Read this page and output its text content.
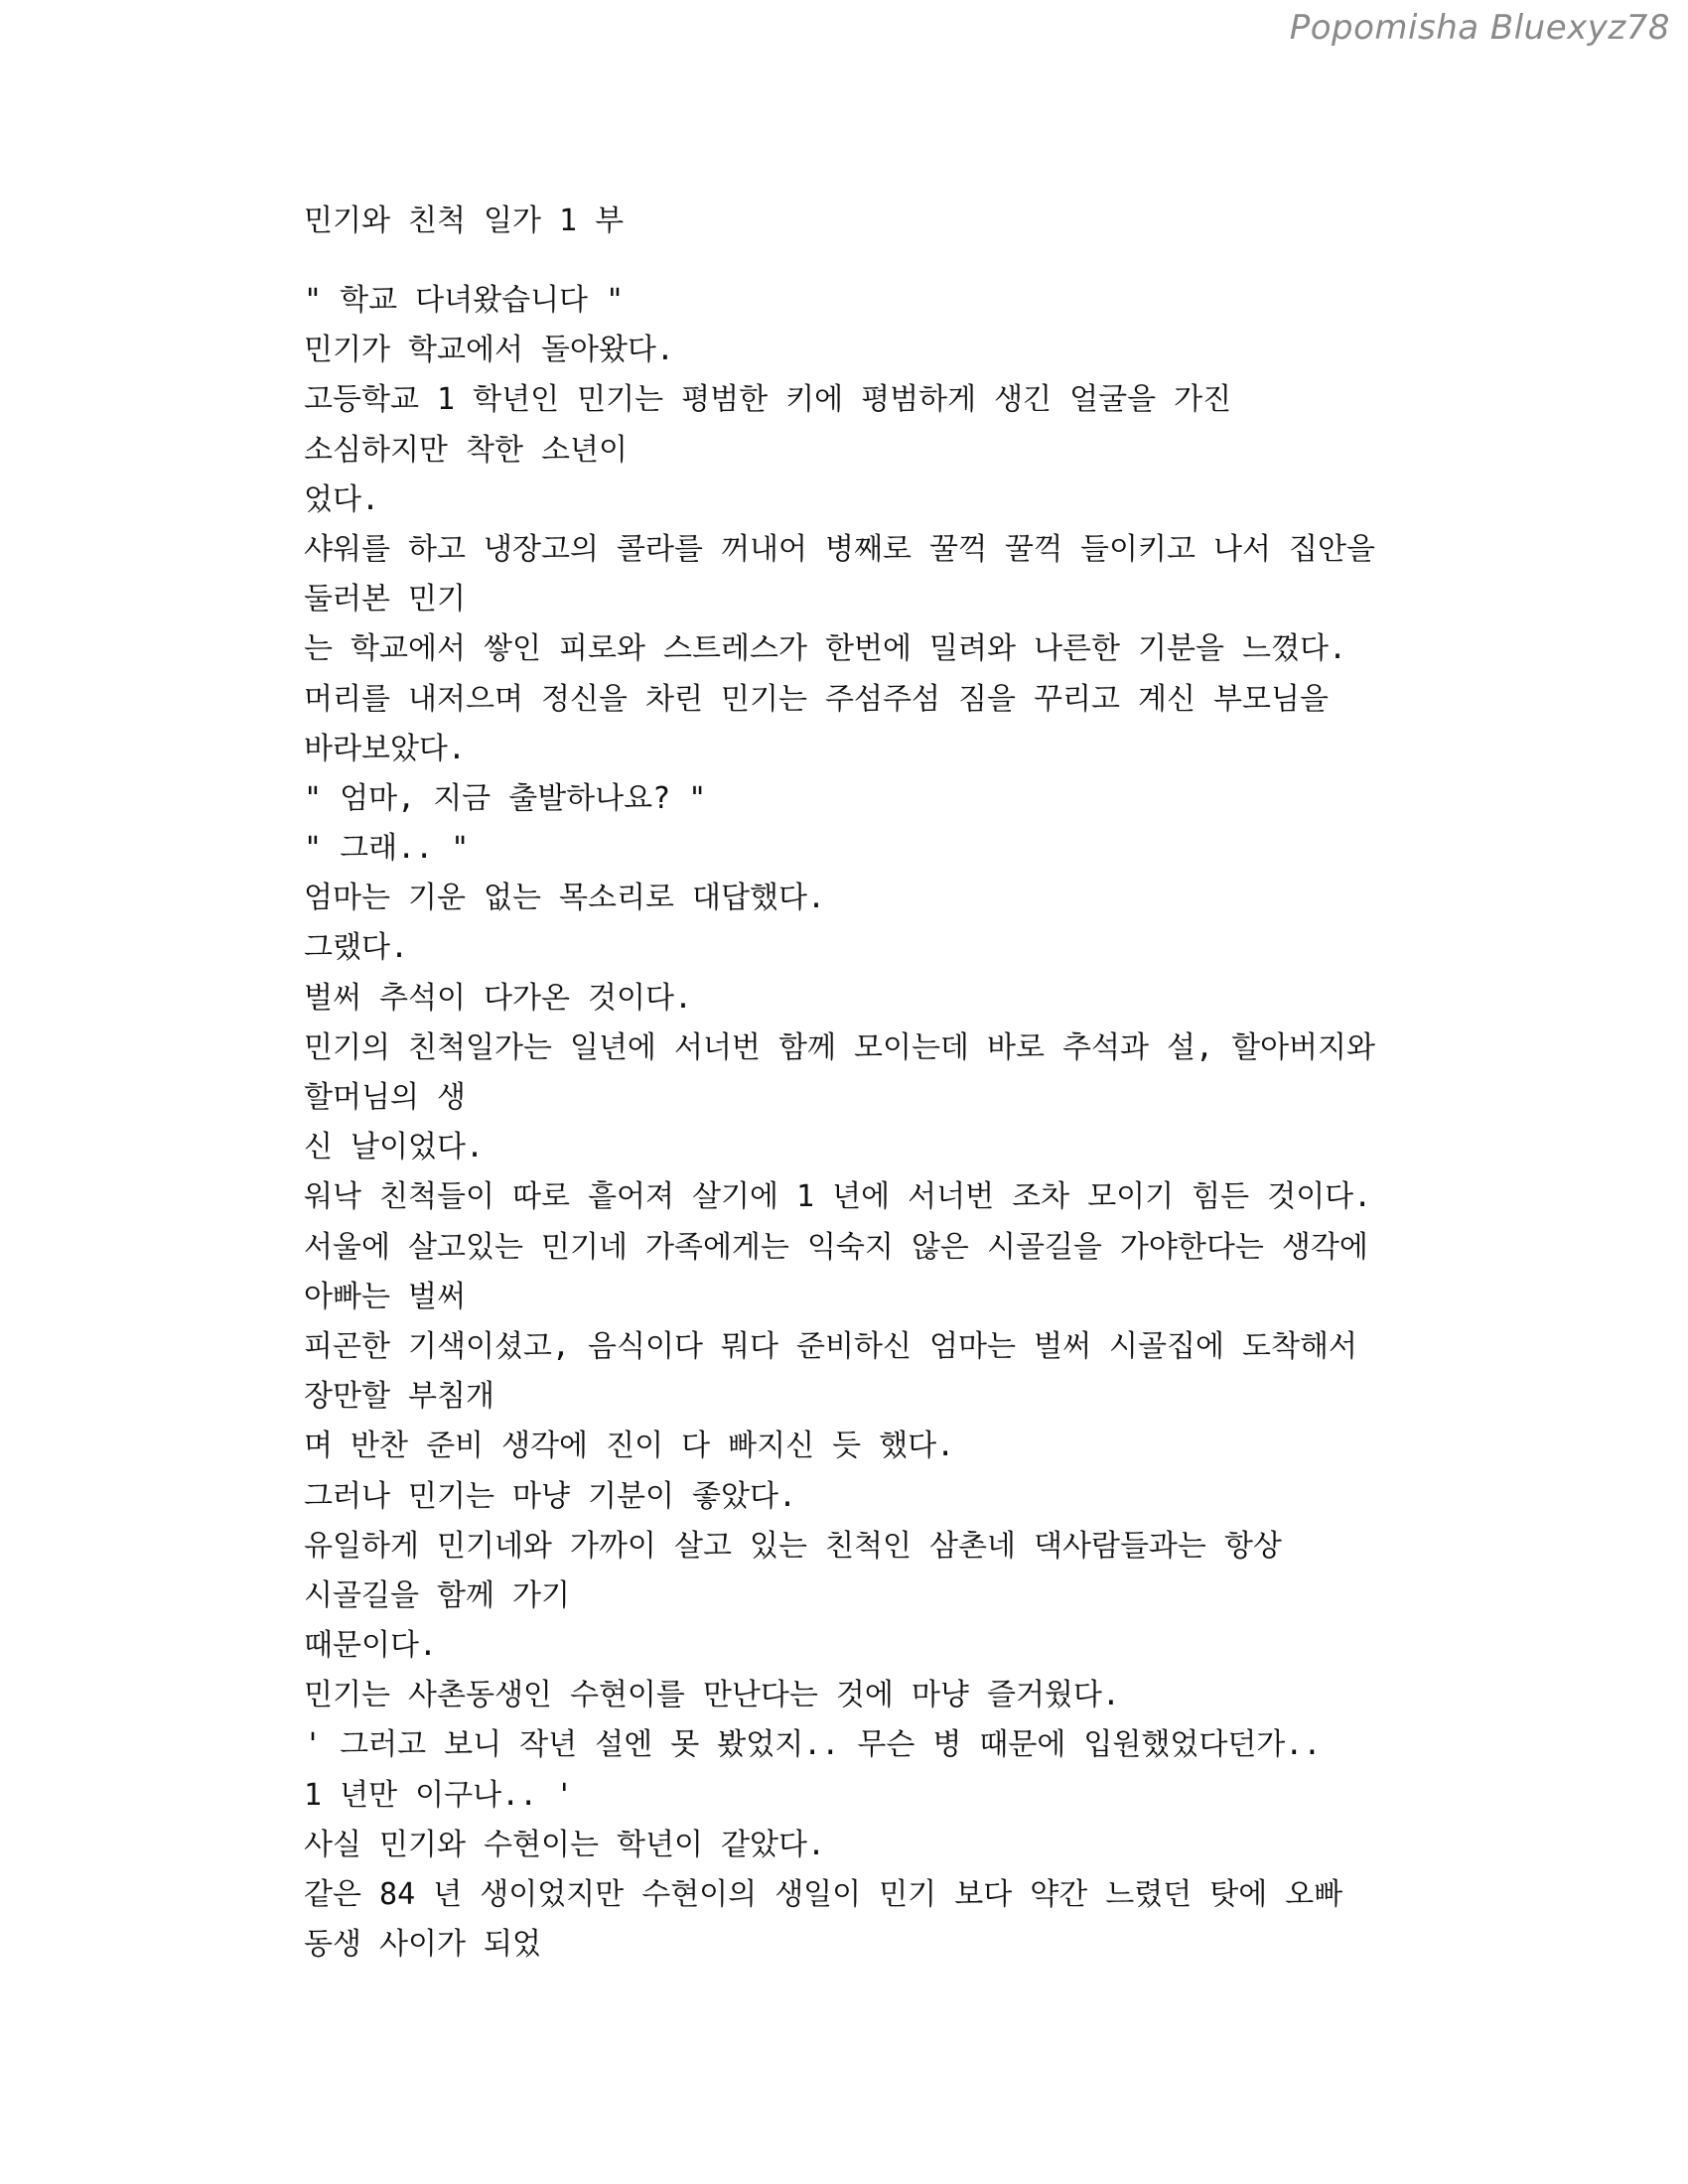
Popomisha Bluexyz78
민기와 친척 일가 1 부
" 학교 다녀왔습니다 "
민기가 학교에서 돌아왔다.
고등학교 1 학년인 민기는 평범한 키에 평범하게 생긴 얼굴을 가진
소심하지만 착한 소년이
었다.
샤워를 하고 냉장고의 콜라를 꺼내어 병째로 꿀꺽 꿀꺽 들이키고 나서 집안을
둘러본 민기
는 학교에서 쌓인 피로와 스트레스가 한번에 밀려와 나른한 기분을 느꼈다.
머리를 내저으며 정신을 차린 민기는 주섬주섬 짐을 꾸리고 계신 부모님을
바라보았다.
" 엄마, 지금 출발하나요? "
" 그래.. "
엄마는 기운 없는 목소리로 대답했다.
그랬다.
벌써 추석이 다가온 것이다.
민기의 친척일가는 일년에 서너번 함께 모이는데 바로 추석과 설, 할아버지와
할머님의 생
신 날이었다.
워낙 친척들이 따로 흩어져 살기에 1 년에 서너번 조차 모이기 힘든 것이다.
서울에 살고있는 민기네 가족에게는 익숙지 않은 시골길을 가야한다는 생각에
아빠는 벌써
피곤한 기색이셨고, 음식이다 뭐다 준비하신 엄마는 벌써 시골집에 도착해서
장만할 부침개
며 반찬 준비 생각에 진이 다 빠지신 듯 했다.
그러나 민기는 마냥 기분이 좋았다.
유일하게 민기네와 가까이 살고 있는 친척인 삼촌네 댁사람들과는 항상
시골길을 함께 가기
때문이다.
민기는 사촌동생인 수현이를 만난다는 것에 마냥 즐거웠다.
' 그러고 보니 작년 설엔 못 봤었지.. 무슨 병 때문에 입원했었다던가..
1 년만 이구나.. '
사실 민기와 수현이는 학년이 같았다.
같은 84 년 생이었지만 수현이의 생일이 민기 보다 약간 느렸던 탓에 오빠
동생 사이가 되었
